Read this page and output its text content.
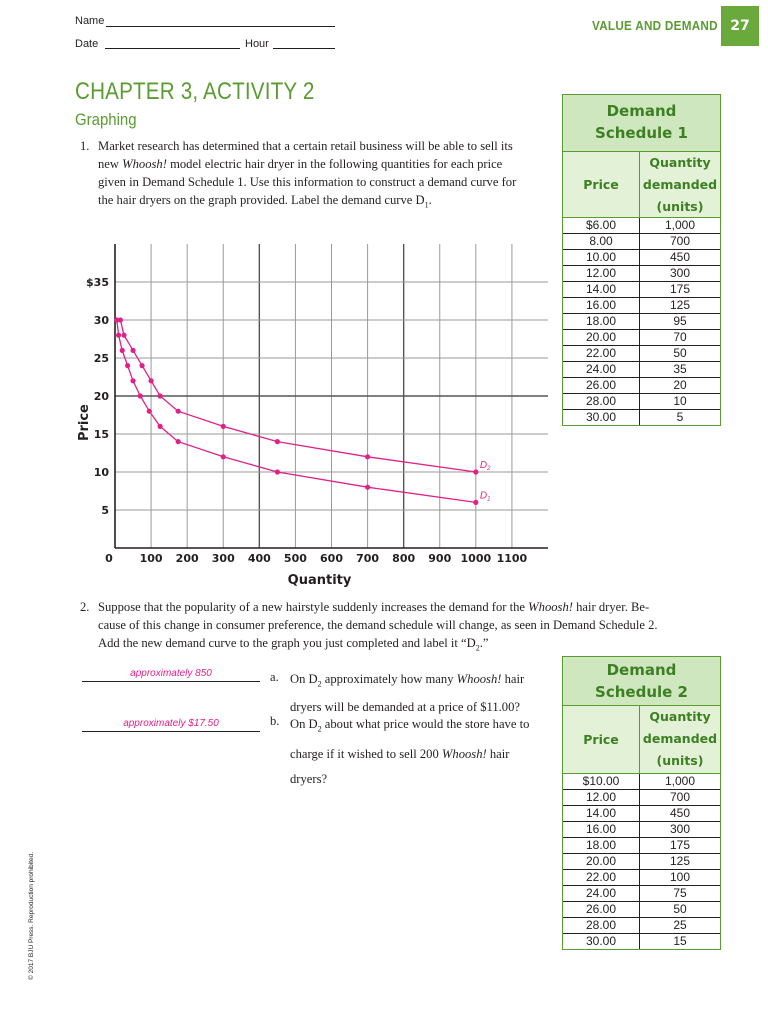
Name
Date	Hour
VALUE AND DEMAND 27
CHAPTER 3, ACTIVITY 2
Graphing
1. Market research has determined that a certain retail business will be able to sell its
new Whoosh! model electric hair dryer in the following quantities for each price
given in Demand Schedule 1. Use this information to construct a demand curve for
the hair dryers on the graph provided. Label the demand curve $D_1$.
Demand
Schedule 1
Price
Quantity
demanded
(units)
$6.00	1,000
8.00	700
10.00	450
12.00	300
14.00	175
16.00	125
18.00	95
20.00	70
22.00	50
24.00	35
26.00	20
28.00	10
30.00	5
100 200 300 400 500 600 700 800 900 1000 1100
0
5
10
15
20
25
30
$35
Quantity
Price
$D_2$
$D_1$
2. Suppose that the popularity of a new hairstyle suddenly increases the demand for the Whoosh! hair dryer. Be-
cause of this change in consumer preference, the demand schedule will change, as seen in Demand Schedule 2.
Add the new demand curve to the graph you just completed and label it “$D_2$.”
approximately 850	a. On $D_2$ approximately how many Whoosh! hair
dryers will be demanded at a price of $11.00?
approximately $17.50	b. On $D_2$ about what price would the store have to
charge if it wished to sell 200 Whoosh! hair
dryers?
Demand
Schedule 2
Price
Quantity
demanded
(units)
$10.00	1,000
12.00	700
14.00	450
16.00	300
18.00	175
20.00	125
22.00	100
24.00	75
26.00	50
28.00	25
30.00	15
© 2017 BJU Press. Reproduction prohibited.
